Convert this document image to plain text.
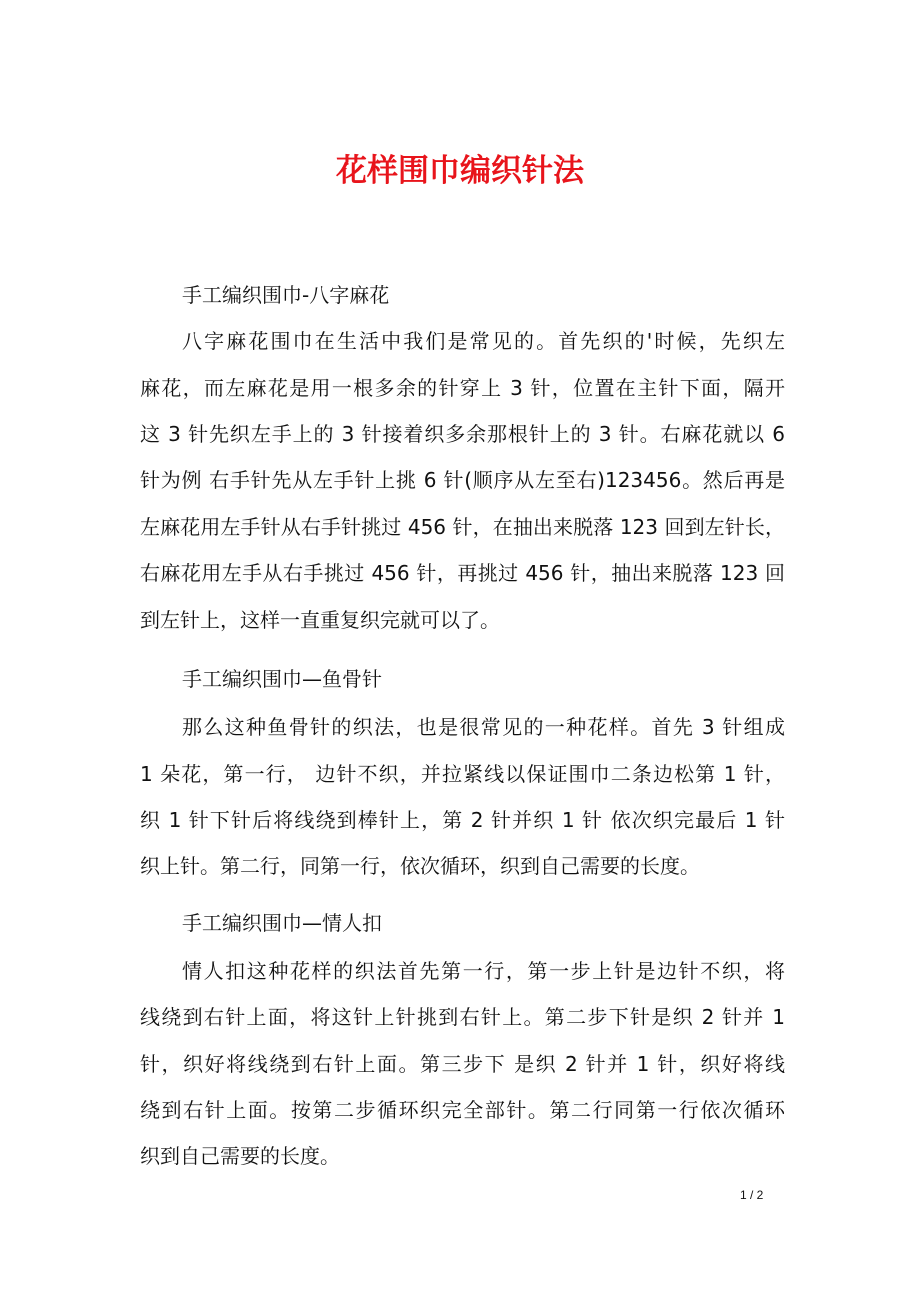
花样围巾编织针法
手工编织围巾-八字麻花
八字麻花围巾在生活中我们是常见的。首先织的'时候，先织左
麻花，而左麻花是用一根多余的针穿上 3 针，位置在主针下面，隔开
这 3 针先织左手上的 3 针接着织多余那根针上的 3 针。右麻花就以 6
针为例 右手针先从左手针上挑 6 针(顺序从左至右)123456。然后再是
左麻花用左手针从右手针挑过 456 针，在抽出来脱落 123 回到左针长，
右麻花用左手从右手挑过 456 针，再挑过 456 针，抽出来脱落 123 回
到左针上，这样一直重复织完就可以了。
手工编织围巾—鱼骨针
那么这种鱼骨针的织法，也是很常见的一种花样。首先 3 针组成
1 朵花，第一行， 边针不织，并拉紧线以保证围巾二条边松第 1 针，
织 1 针下针后将线绕到棒针上，第 2 针并织 1 针 依次织完最后 1 针
织上针。第二行，同第一行，依次循环，织到自己需要的长度。
手工编织围巾—情人扣
情人扣这种花样的织法首先第一行，第一步上针是边针不织，将
线绕到右针上面，将这针上针挑到右针上。第二步下针是织 2 针并 1
针，织好将线绕到右针上面。第三步下 是织 2 针并 1 针，织好将线
绕到右针上面。按第二步循环织完全部针。第二行同第一行依次循环
织到自己需要的长度。
1 / 2
